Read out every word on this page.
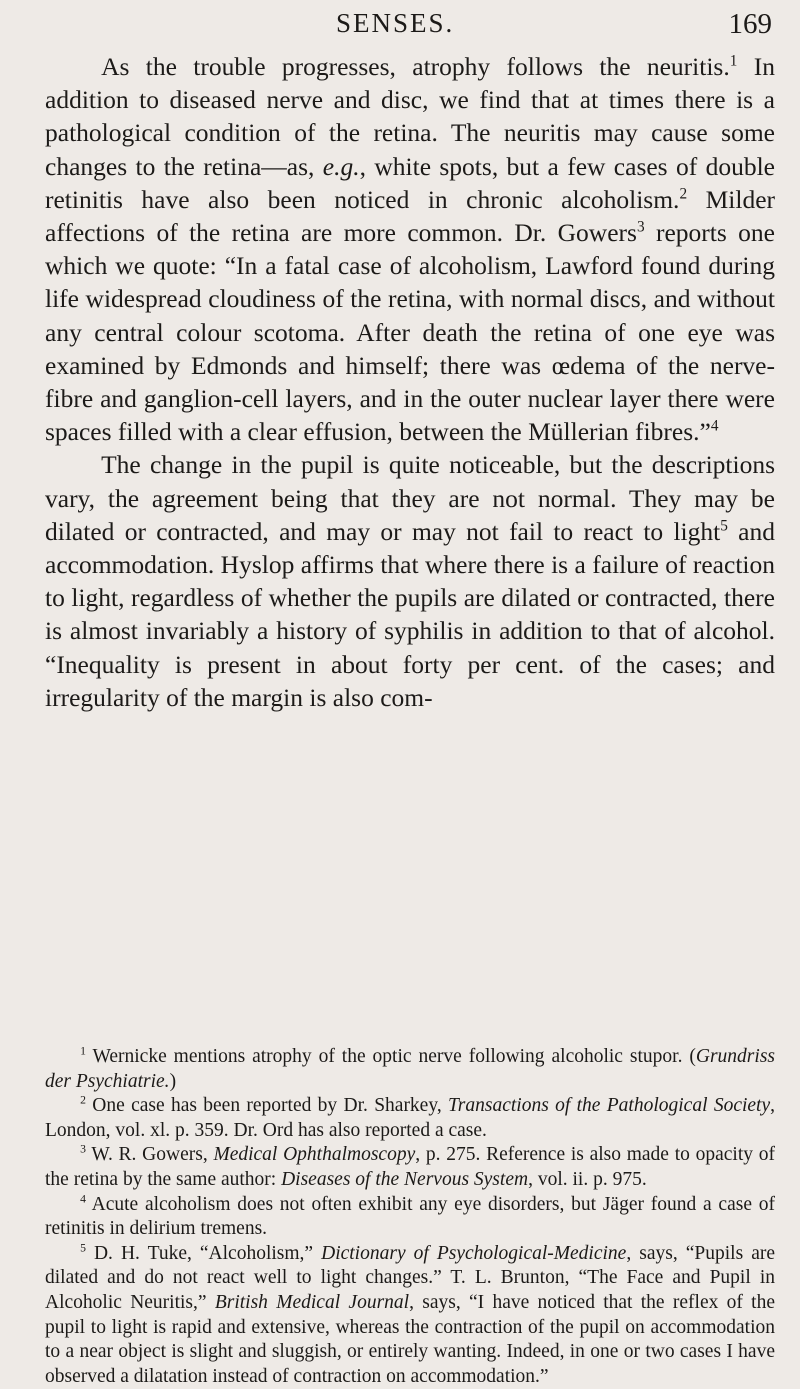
SENSES.	169

As the trouble progresses, atrophy follows the neuritis.$^1$ In addition to diseased nerve and disc, we find that at times there is a pathological condition of the retina. The neuritis may cause some changes to the retina—as, e.g., white spots, but a few cases of double retinitis have also been noticed in chronic alcoholism.$^2$ Milder affections of the retina are more common. Dr. Gowers$^3$ reports one which we quote: “In a fatal case of alcoholism, Lawford found during life widespread cloudiness of the retina, with normal discs, and without any central colour scotoma. After death the retina of one eye was examined by Edmonds and himself; there was œdema of the nerve-fibre and ganglion-cell layers, and in the outer nuclear layer there were spaces filled with a clear effusion, between the Müllerian fibres.”$^4$

The change in the pupil is quite noticeable, but the descriptions vary, the agreement being that they are not normal. They may be dilated or contracted, and may or may not fail to react to light$^5$ and accommodation. Hyslop affirms that where there is a failure of reaction to light, regardless of whether the pupils are dilated or contracted, there is almost invariably a history of syphilis in addition to that of alcohol. “Inequality is present in about forty per cent. of the cases; and irregularity of the margin is also com-

$^1$ Wernicke mentions atrophy of the optic nerve following alcoholic stupor. (Grundriss der Psychiatrie.)

$^2$ One case has been reported by Dr. Sharkey, Transactions of the Pathological Society, London, vol. xl. p. 359. Dr. Ord has also reported a case.

$^3$ W. R. Gowers, Medical Ophthalmoscopy, p. 275. Reference is also made to opacity of the retina by the same author: Diseases of the Nervous System, vol. ii. p. 975.

$^4$ Acute alcoholism does not often exhibit any eye disorders, but Jäger found a case of retinitis in delirium tremens.

$^5$ D. H. Tuke, “Alcoholism,” Dictionary of Psychological-Medicine, says, “Pupils are dilated and do not react well to light changes.” T. L. Brunton, “The Face and Pupil in Alcoholic Neuritis,” British Medical Journal, says, “I have noticed that the reflex of the pupil to light is rapid and extensive, whereas the contraction of the pupil on accommodation to a near object is slight and sluggish, or entirely wanting. Indeed, in one or two cases I have observed a dilatation instead of contraction on accommodation.”
